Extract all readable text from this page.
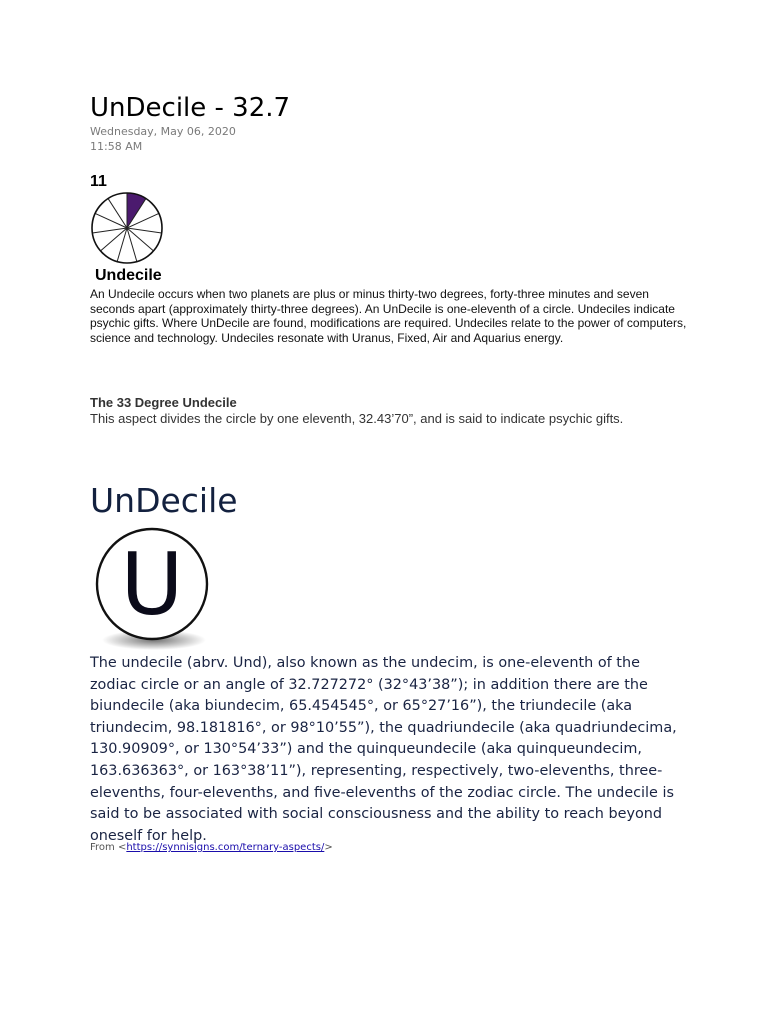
UnDecile - 32.7
Wednesday, May 06, 2020
11:58 AM
11
Undecile
An Undecile occurs when two planets are plus or minus thirty-two degrees, forty-three minutes and seven seconds apart (approximately thirty-three degrees). An UnDecile is one-eleventh of a circle. Undeciles indicate psychic gifts. Where UnDecile are found, modifications are required. Undeciles relate to the power of computers, science and technology. Undeciles resonate with Uranus, Fixed, Air and Aquarius energy.
The 33 Degree Undecile
This aspect divides the circle by one eleventh, 32.43’70”, and is said to indicate psychic gifts.
UnDecile
U
The undecile (abrv. Und), also known as the undecim, is one-eleventh of the zodiac circle or an angle of 32.727272° (32°43’38”); in addition there are the biundecile (aka biundecim, 65.454545°, or 65°27’16”), the triundecile (aka triundecim, 98.181816°, or 98°10’55”), the quadriundecile (aka quadriundecima, 130.90909°, or 130°54’33”) and the quinqueundecile (aka quinqueundecim, 163.636363°, or 163°38’11”), representing, respectively, two-elevenths, three-elevenths, four-elevenths, and five-elevenths of the zodiac circle. The undecile is said to be associated with social consciousness and the ability to reach beyond oneself for help.
From <https://synnisigns.com/ternary-aspects/>
